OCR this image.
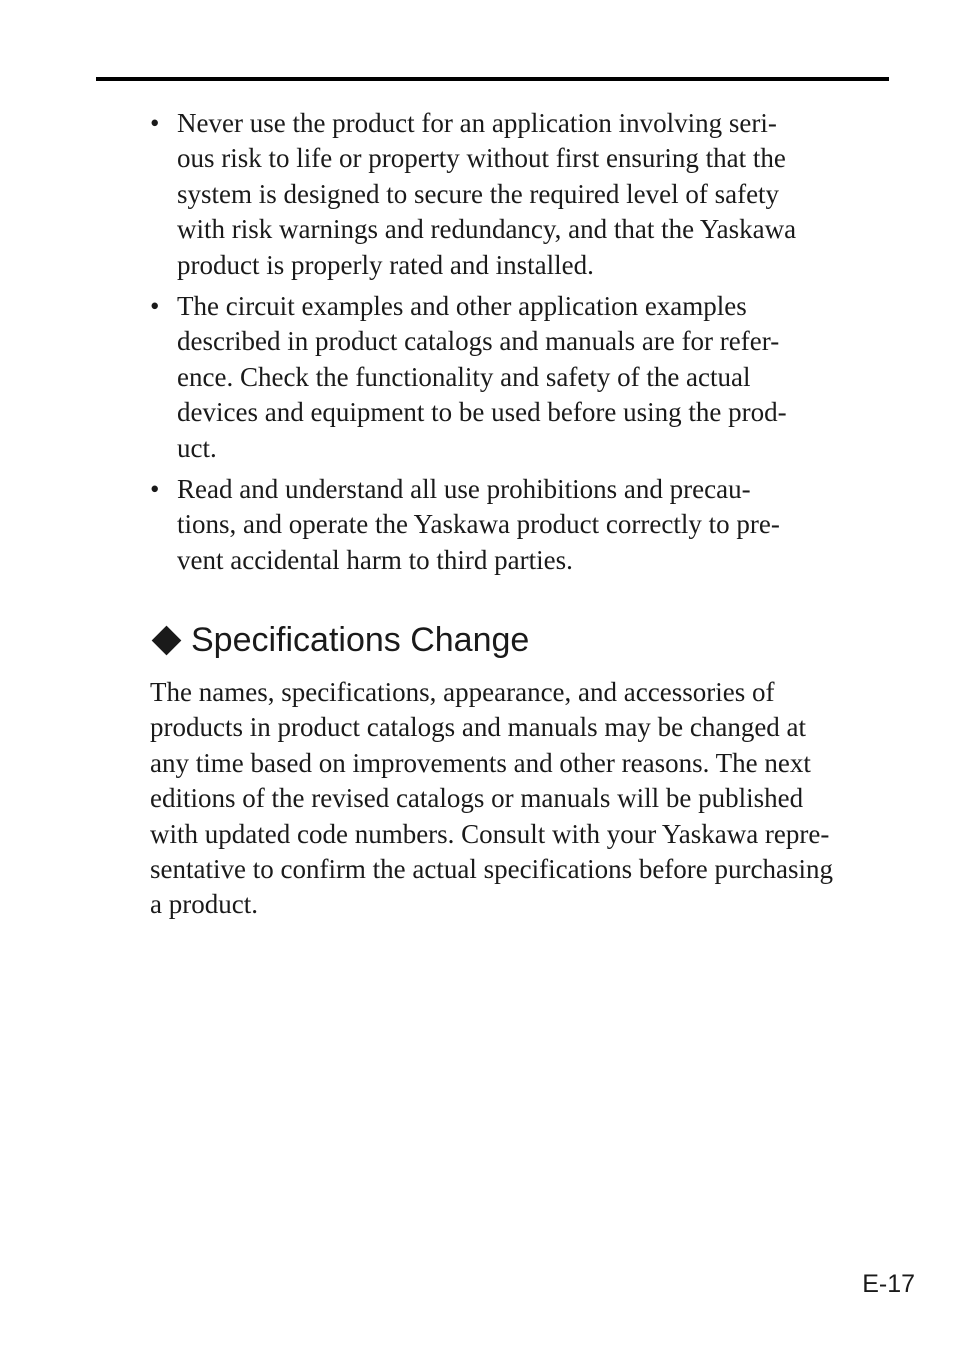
• Never use the product for an application involving seri-
ous risk to life or property without first ensuring that the
system is designed to secure the required level of safety
with risk warnings and redundancy, and that the Yaskawa
product is properly rated and installed.
• The circuit examples and other application examples
described in product catalogs and manuals are for refer-
ence. Check the functionality and safety of the actual
devices and equipment to be used before using the prod-
uct.
• Read and understand all use prohibitions and precau-
tions, and operate the Yaskawa product correctly to pre-
vent accidental harm to third parties.
Specifications Change

The names, specifications, appearance, and accessories of
products in product catalogs and manuals may be changed at
any time based on improvements and other reasons. The next
editions of the revised catalogs or manuals will be published
with updated code numbers. Consult with your Yaskawa repre-
sentative to confirm the actual specifications before purchasing
a product.

E-17
